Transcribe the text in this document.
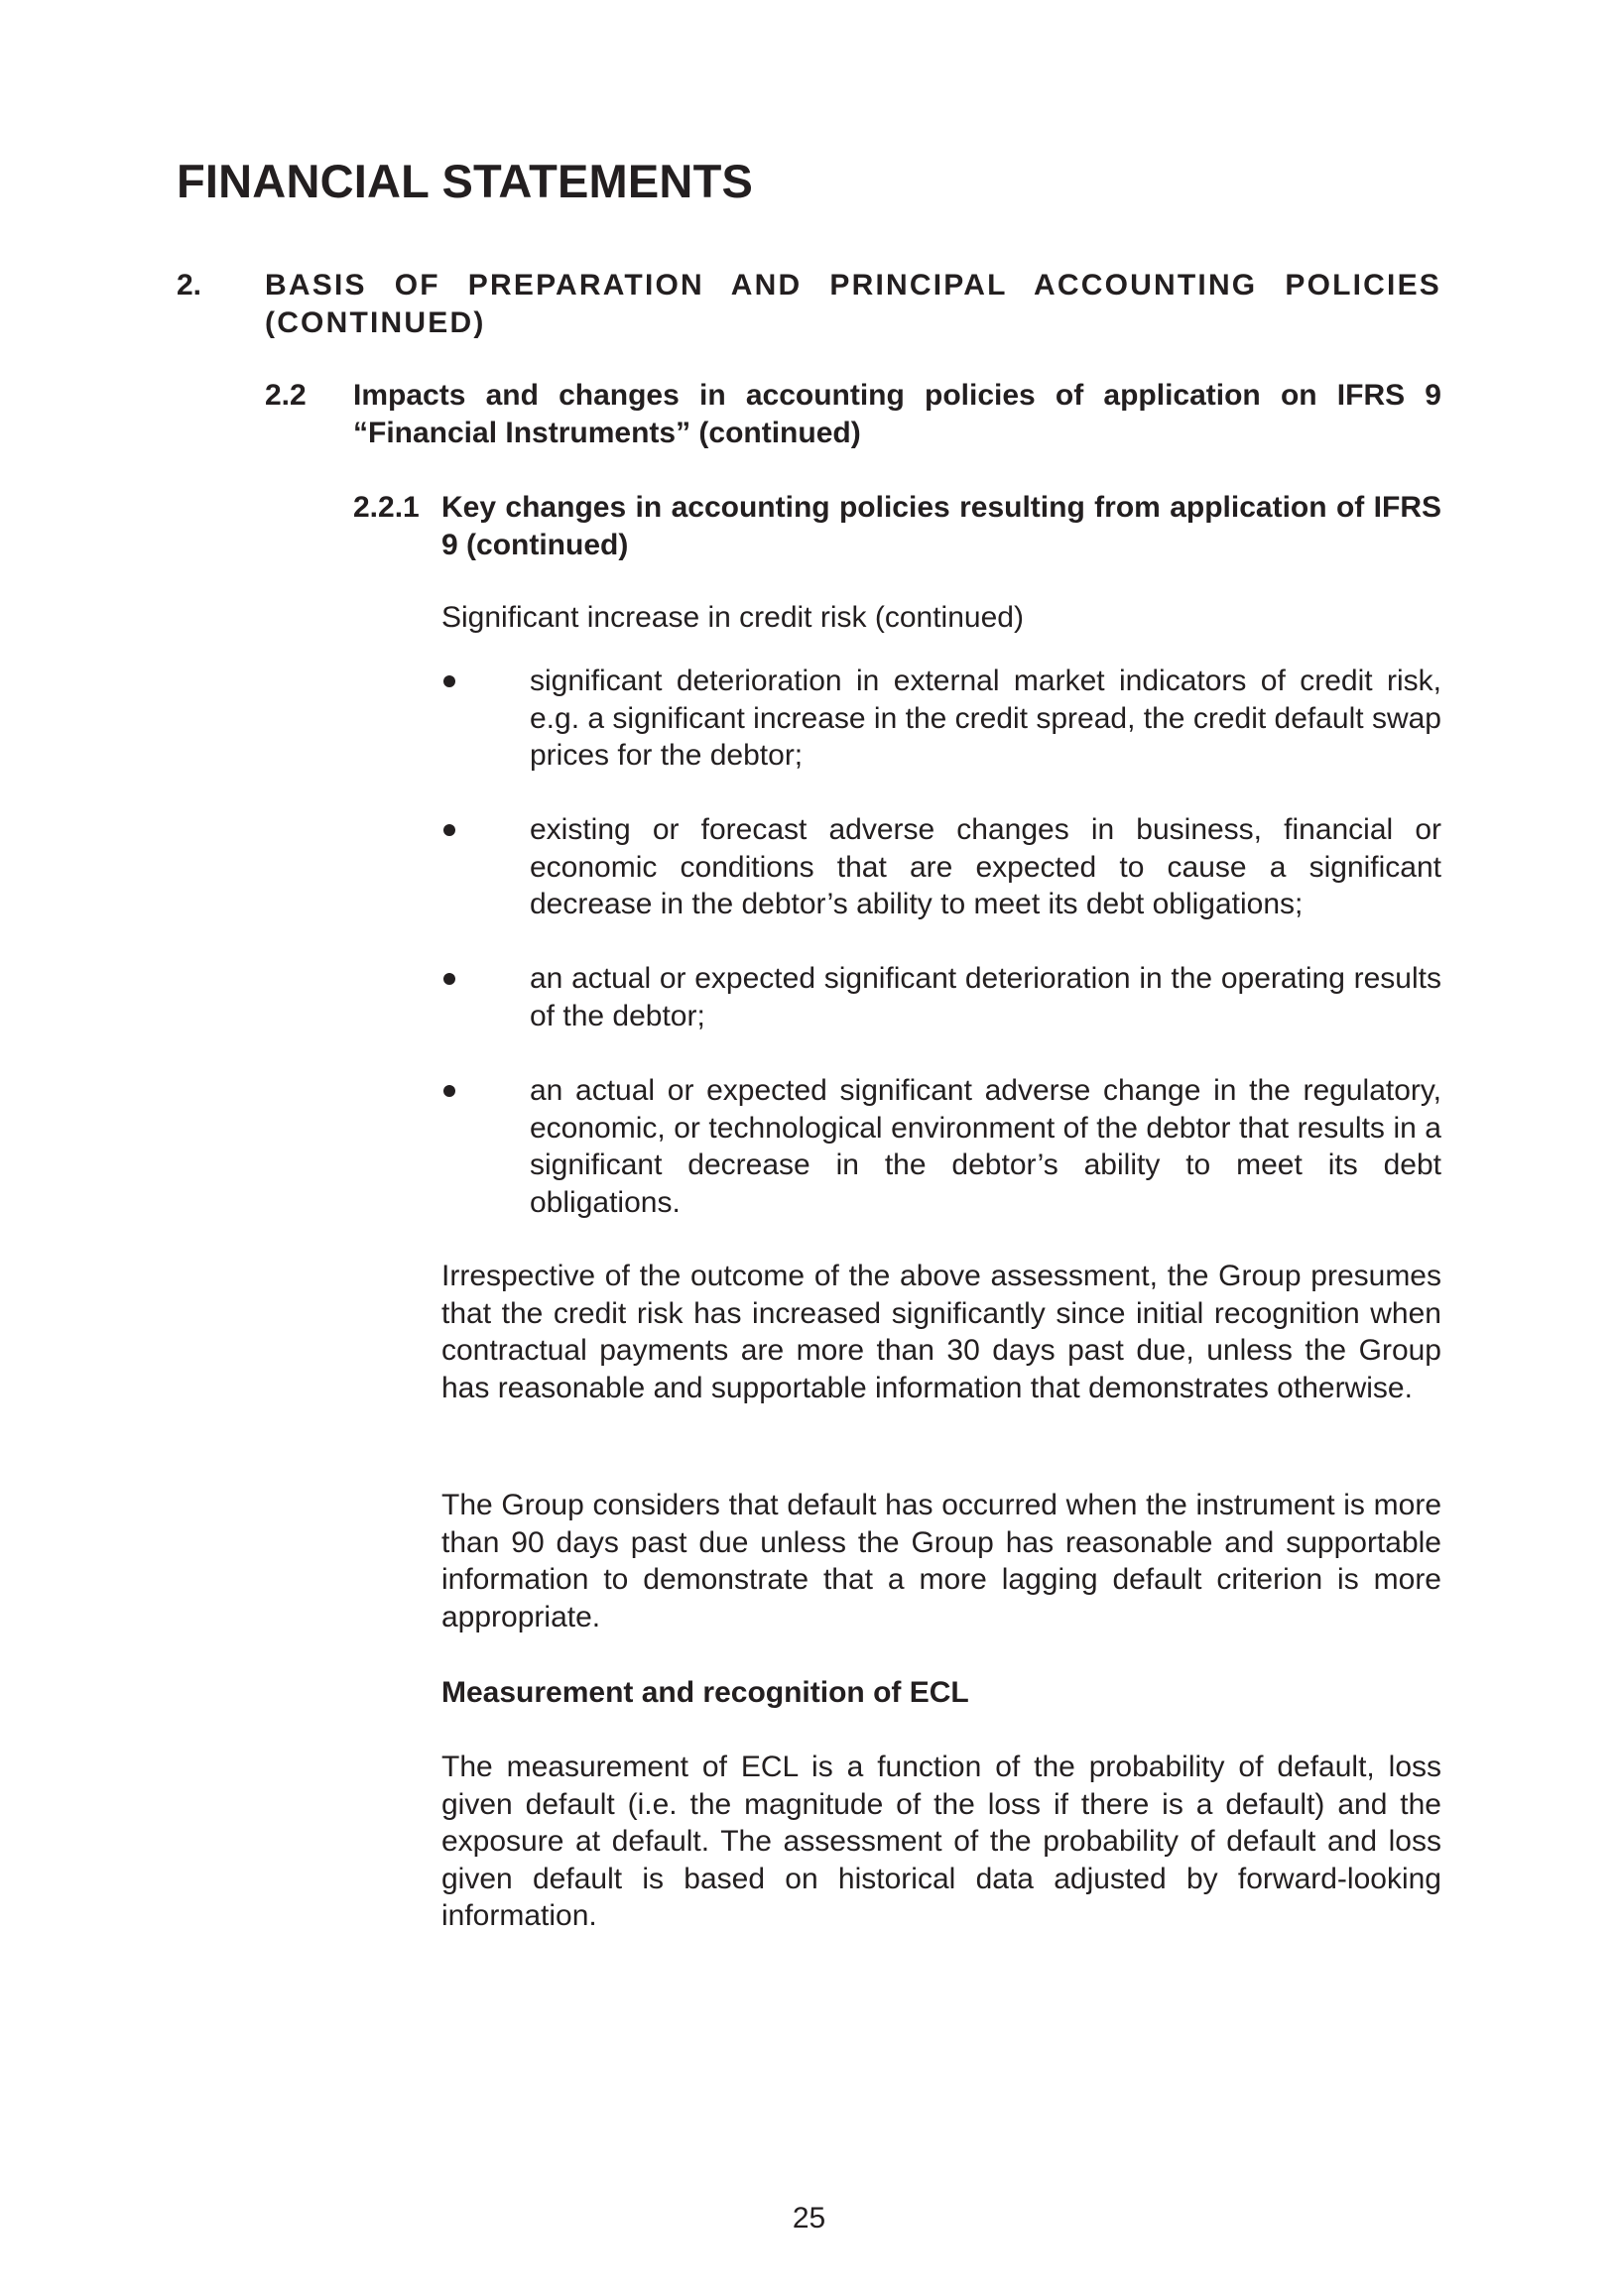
FINANCIAL STATEMENTS
2. BASIS OF PREPARATION AND PRINCIPAL ACCOUNTING POLICIES (CONTINUED)
2.2 Impacts and changes in accounting policies of application on IFRS 9 “Financial Instruments” (continued)
2.2.1 Key changes in accounting policies resulting from application of IFRS 9 (continued)

Significant increase in credit risk (continued)

significant deterioration in external market indicators of credit risk, e.g. a significant increase in the credit spread, the credit default swap prices for the debtor;
existing or forecast adverse changes in business, financial or economic conditions that are expected to cause a significant decrease in the debtor’s ability to meet its debt obligations;
an actual or expected significant deterioration in the operating results of the debtor;
an actual or expected significant adverse change in the regulatory, economic, or technological environment of the debtor that results in a significant decrease in the debtor’s ability to meet its debt obligations.

Irrespective of the outcome of the above assessment, the Group presumes that the credit risk has increased significantly since initial recognition when contractual payments are more than 30 days past due, unless the Group has reasonable and supportable information that demonstrates otherwise.

The Group considers that default has occurred when the instrument is more than 90 days past due unless the Group has reasonable and supportable information to demonstrate that a more lagging default criterion is more appropriate.

Measurement and recognition of ECL

The measurement of ECL is a function of the probability of default, loss given default (i.e. the magnitude of the loss if there is a default) and the exposure at default. The assessment of the probability of default and loss given default is based on historical data adjusted by forward-looking information.

25
